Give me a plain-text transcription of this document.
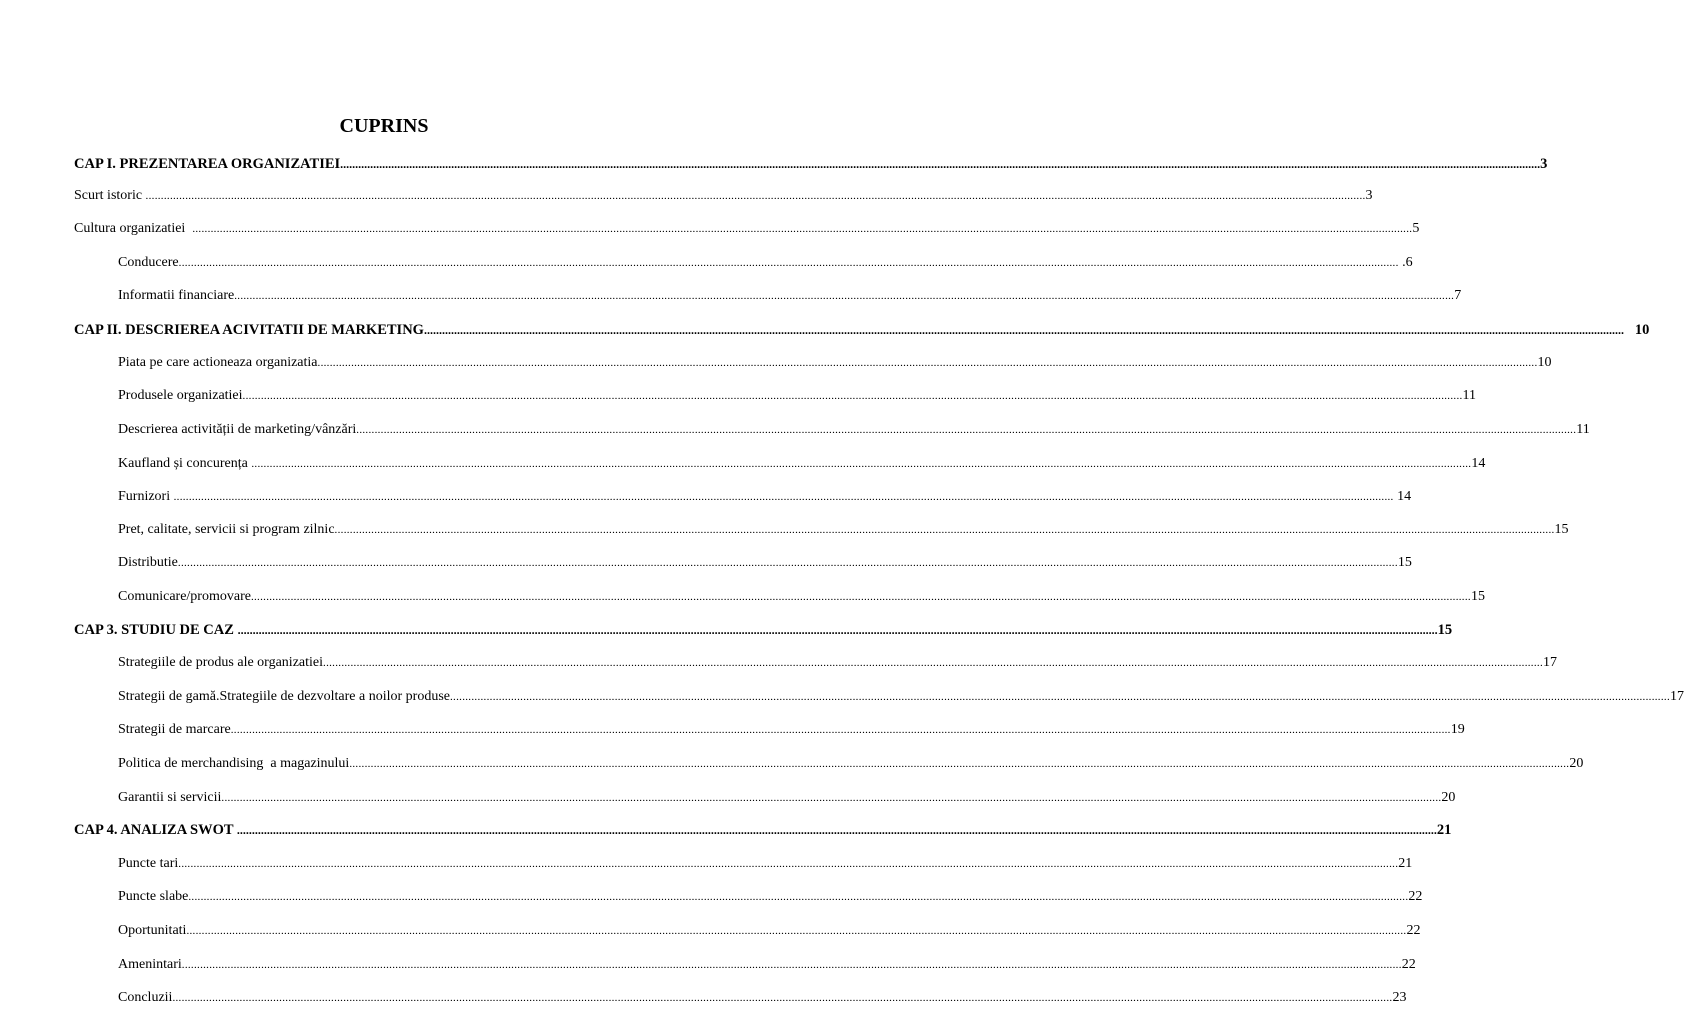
CUPRINS
CAP I. PREZENTAREA ORGANIZATIEI ................................................................................................................................................................................................................................................................................................................................................................................................................ 3
Scurt istoric ................................................................................................................................................................................................................................................................................................................................................................................................................ 3
Cultura organizatiei ................................................................................................................................................................................................................................................................................................................................................................................................................ 5
Conducere ................................................................................................................................................................................................................................................................................................................................................................................................................ .6
Informatii financiare ................................................................................................................................................................................................................................................................................................................................................................................................................ 7
CAP II. DESCRIEREA ACIVITATII DE MARKETING ................................................................................................................................................................................................................................................................................................................................................................................................................ 10
Piata pe care actioneaza organizatia ................................................................................................................................................................................................................................................................................................................................................................................................................ 10
Produsele organizatiei ................................................................................................................................................................................................................................................................................................................................................................................................................ 11
Descrierea activității de marketing/vânzări ................................................................................................................................................................................................................................................................................................................................................................................................................ 11
Kaufland și concurența ................................................................................................................................................................................................................................................................................................................................................................................................................ 14
Furnizori ................................................................................................................................................................................................................................................................................................................................................................................................................ 14
Pret, calitate, servicii si program zilnic ................................................................................................................................................................................................................................................................................................................................................................................................................ 15
Distributie ................................................................................................................................................................................................................................................................................................................................................................................................................ 15
Comunicare/promovare ................................................................................................................................................................................................................................................................................................................................................................................................................ 15
CAP 3. STUDIU DE CAZ ................................................................................................................................................................................................................................................................................................................................................................................................................ 15
Strategiile de produs ale organizatiei ................................................................................................................................................................................................................................................................................................................................................................................................................ 17
Strategii de gamă.Strategiile de dezvoltare a noilor produse ................................................................................................................................................................................................................................................................................................................................................................................................................ 17
Strategii de marcare ................................................................................................................................................................................................................................................................................................................................................................................................................ 19
Politica de merchandising  a magazinului ................................................................................................................................................................................................................................................................................................................................................................................................................ 20
Garantii si servicii ................................................................................................................................................................................................................................................................................................................................................................................................................ 20
CAP 4. ANALIZA SWOT ................................................................................................................................................................................................................................................................................................................................................................................................................ 21
Puncte tari ................................................................................................................................................................................................................................................................................................................................................................................................................ 21
Puncte slabe ................................................................................................................................................................................................................................................................................................................................................................................................................ 22
Oportunitati ................................................................................................................................................................................................................................................................................................................................................................................................................ 22
Amenintari ................................................................................................................................................................................................................................................................................................................................................................................................................ 22
Concluzii ................................................................................................................................................................................................................................................................................................................................................................................................................ 23
